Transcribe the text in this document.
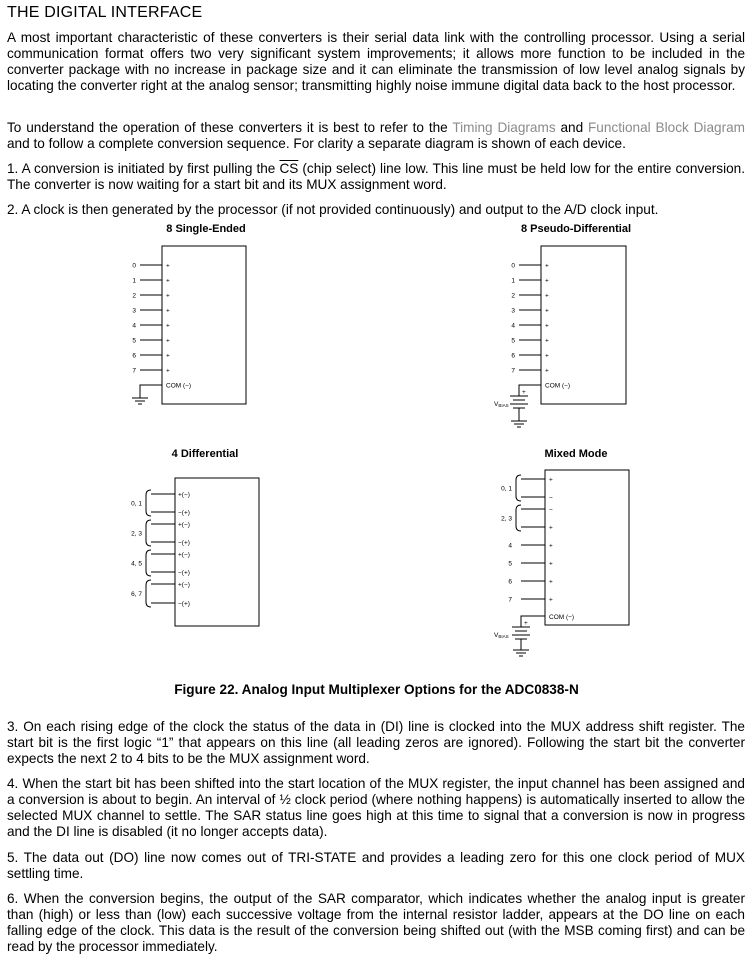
THE DIGITAL INTERFACE

A most important characteristic of these converters is their serial data link with the controlling processor. Using a serial communication format offers two very significant system improvements; it allows more function to be included in the converter package with no increase in package size and it can eliminate the transmission of low level analog signals by locating the converter right at the analog sensor; transmitting highly noise immune digital data back to the host processor.

To understand the operation of these converters it is best to refer to the Timing Diagrams and Functional Block Diagram and to follow a complete conversion sequence. For clarity a separate diagram is shown of each device.

1. A conversion is initiated by first pulling the $\overline{CS}$ (chip select) line low. This line must be held low for the entire conversion. The converter is now waiting for a start bit and its MUX assignment word.

2. A clock is then generated by the processor (if not provided continuously) and output to the A/D clock input.

8 Single-Ended	8 Pseudo-Differential
4 Differential	Mixed Mode
0
1
2
3
4
5
6
7
+
+
+
+
+
+
+
+
COM (−)
0
1
2
3
4
5
6
7
+
+
+
+
+
+
+
+
COM (−)
+
VBIAS
0, 1
2, 3
4, 5
6, 7
+(−)
−(+)
+(−)
−(+)
+(−)
−(+)
+(−)
−(+)
0, 1
2, 3
4
5
6
7
+
−
−
+
+
+
+
+
COM (−)
+
VBIAS

Figure 22. Analog Input Multiplexer Options for the ADC0838-N

3. On each rising edge of the clock the status of the data in (DI) line is clocked into the MUX address shift register. The start bit is the first logic “1” that appears on this line (all leading zeros are ignored). Following the start bit the converter expects the next 2 to 4 bits to be the MUX assignment word.

4. When the start bit has been shifted into the start location of the MUX register, the input channel has been assigned and a conversion is about to begin. An interval of ½ clock period (where nothing happens) is automatically inserted to allow the selected MUX channel to settle. The SAR status line goes high at this time to signal that a conversion is now in progress and the DI line is disabled (it no longer accepts data).

5. The data out (DO) line now comes out of TRI-STATE and provides a leading zero for this one clock period of MUX settling time.

6. When the conversion begins, the output of the SAR comparator, which indicates whether the analog input is greater than (high) or less than (low) each successive voltage from the internal resistor ladder, appears at the DO line on each falling edge of the clock. This data is the result of the conversion being shifted out (with the MSB coming first) and can be read by the processor immediately.
